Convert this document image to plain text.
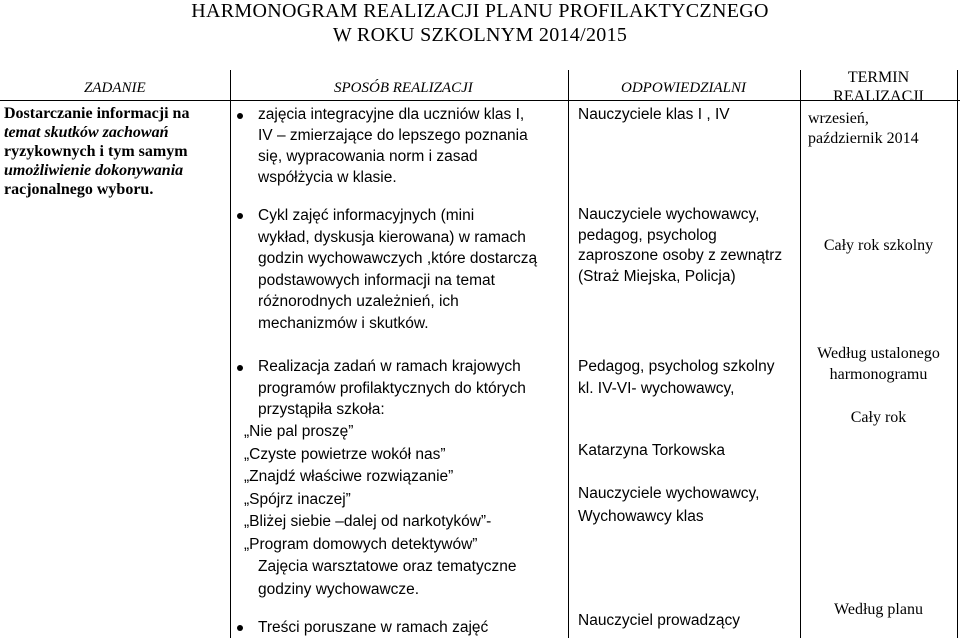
HARMONOGRAM REALIZACJI PLANU PROFILAKTYCZNEGO
W ROKU SZKOLNYM 2014/2015
ZADANIE	SPOSÓB REALIZACJI	ODPOWIEDZIALNI
TERMIN
REALIZACJI
Dostarczanie informacji na
temat skutków zachowań
ryzykownych i tym samym
umożliwienie dokonywania
racjonalnego wyboru.
zajęcia integracyjne dla uczniów klas I,
IV – zmierzające do lepszego poznania
się, wypracowania norm i zasad
współżycia w klasie.
Cykl zajęć informacyjnych (mini
wykład, dyskusja kierowana) w ramach
godzin wychowawczych ,które dostarczą
podstawowych informacji na temat
różnorodnych uzależnień, ich
mechanizmów i skutków.
Realizacja zadań w ramach krajowych
programów profilaktycznych do których
przystąpiła szkoła:
„Nie pal proszę”
„Czyste powietrze wokół nas”
„Znajdź właściwe rozwiązanie”
„Spójrz inaczej”
„Bliżej siebie –dalej od narkotyków”-
„Program domowych detektywów”
Zajęcia warsztatowe oraz tematyczne
godziny wychowawcze.
Treści poruszane w ramach zajęć
Nauczyciele klas I , IV
Nauczyciele wychowawcy,
pedagog, psycholog
zaproszone osoby z zewnątrz
(Straż Miejska, Policja)
Pedagog, psycholog szkolny
kl. IV-VI- wychowawcy,
Katarzyna Torkowska
Nauczyciele wychowawcy,
Wychowawcy klas
Nauczyciel prowadzący
wrzesień,
październik 2014
Cały rok szkolny
Według ustalonego
harmonogramu
Cały rok
Według planu
